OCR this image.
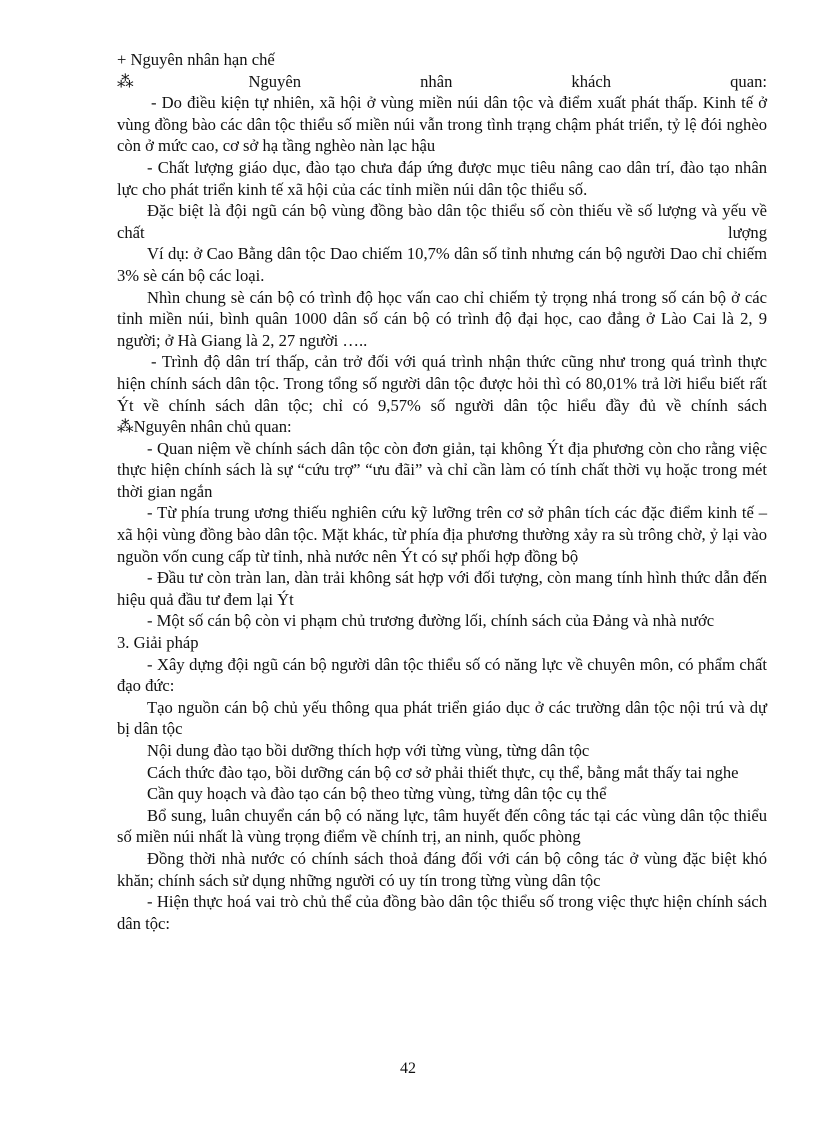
+ Nguyên nhân hạn chế

⁂Nguyên nhân khách quan:

- Do điều kiện tự nhiên, xã hội ở vùng miền núi dân tộc và điểm xuất phát thấp. Kinh tế ở vùng đồng bào các dân tộc thiểu số miền núi vẫn trong tình trạng chậm phát triển, tỷ lệ đói nghèo còn ở mức cao, cơ sở hạ tầng nghèo nàn lạc hậu

- Chất lượng giáo dục, đào tạo chưa đáp ứng được mục tiêu nâng cao dân trí, đào tạo nhân lực cho phát triển kinh tế xã hội của các tỉnh miền núi dân tộc thiểu số.

Đặc biệt là đội ngũ cán bộ vùng đồng bào dân tộc thiểu số còn thiếu về số lượng và yếu về chất lượng

Ví dụ: ở Cao Bằng dân tộc Dao chiếm 10,7% dân số tỉnh nhưng cán bộ người Dao chỉ chiếm 3% sè cán bộ các loại.

Nhìn chung sè cán bộ có trình độ học vấn cao chỉ chiếm tỷ trọng nhá trong số cán bộ ở các tỉnh miền núi, bình quân 1000 dân số cán bộ có trình độ đại học, cao đẳng ở Lào Cai là 2, 9 người; ở Hà Giang là 2, 27 người …..

- Trình độ dân trí thấp, cản trở đối với quá trình nhận thức cũng như trong quá trình thực hiện chính sách dân tộc. Trong tổng số người dân tộc được hỏi thì có 80,01% trả lời hiểu biết rất Ýt về chính sách dân tộc; chỉ có 9,57% số người dân tộc hiểu đầy đủ về chính sách

⁂Nguyên nhân chủ quan:

- Quan niệm về chính sách dân tộc còn đơn giản, tại không Ýt địa phương còn cho rằng việc thực hiện chính sách là sự “cứu trợ” “ưu đãi” và chỉ cần làm có tính chất thời vụ hoặc trong mét thời gian ngắn

- Từ phía trung ương thiếu nghiên cứu kỹ lưỡng trên cơ sở phân tích các đặc điểm kinh tế – xã hội vùng đồng bào dân tộc. Mặt khác, từ phía địa phương thường xảy ra sù trông chờ, ỷ lại vào nguồn vốn cung cấp từ tỉnh, nhà nước nên Ýt có sự phối hợp đồng bộ

- Đầu tư còn tràn lan, dàn trải không sát hợp với đối tượng, còn mang tính hình thức dẫn đến hiệu quả đầu tư đem lại Ýt

- Một số cán bộ còn vi phạm chủ trương đường lối, chính sách của Đảng và nhà nước

3. Giải pháp

- Xây dựng đội ngũ cán bộ người dân tộc thiểu số có năng lực về chuyên môn, có phẩm chất đạo đức:

Tạo nguồn cán bộ chủ yếu thông qua phát triển giáo dục ở các trường dân tộc nội trú và dự bị dân tộc

Nội dung đào tạo bồi dưỡng thích hợp với từng vùng, từng dân tộc

Cách thức đào tạo, bồi dưỡng cán bộ cơ sở phải thiết thực, cụ thể, bằng mắt thấy tai nghe

Cần quy hoạch và đào tạo cán bộ theo từng vùng, từng dân tộc cụ thể

Bổ sung, luân chuyển cán bộ có năng lực, tâm huyết đến công tác tại các vùng dân tộc thiểu số miền núi nhất là vùng trọng điểm về chính trị, an ninh, quốc phòng

Đồng thời nhà nước có chính sách thoả đáng đối với cán bộ công tác ở vùng đặc biệt khó khăn; chính sách sử dụng những người có uy tín trong từng vùng dân tộc

- Hiện thực hoá vai trò chủ thể của đồng bào dân tộc thiểu số trong việc thực hiện chính sách dân tộc:

42
